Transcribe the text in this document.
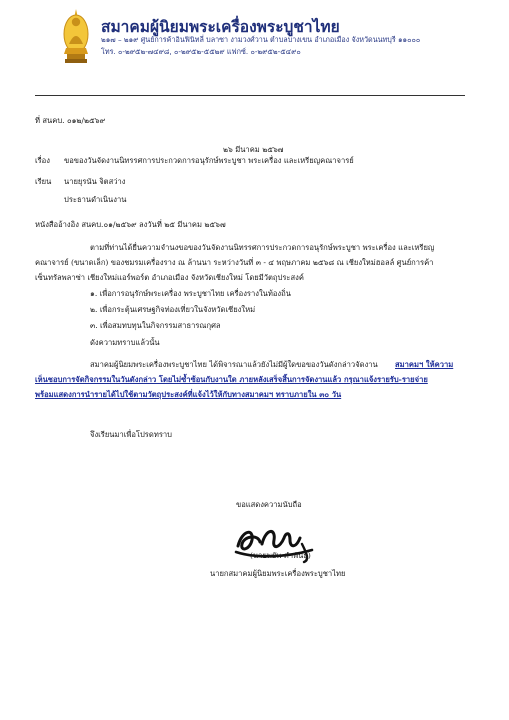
สมาคมผู้นิยมพระเครื่องพระบูชาไทย
๒๑๗ – ๒๑๙ ศูนย์การค้าอินฟินิทลี่ บลาซา งามวงศ์วาน ตำบลบางเขน อำเภอเมือง จังหวัดนนทบุรี ๑๑๐๐๐
โทร. ๐-๒๙๕๒-๗๔๙๘, ๐-๒๙๕๒-๕๕๒๙ แฟกซ์. ๐-๒๙๕๒-๕๔๙๐
ที่ สนคบ. ๐๑๒/๒๕๖๙
๒๖ มีนาคม ๒๕๖๗
เรื่อง ขอของวันจัดงานนิทรรศการประกวดการอนุรักษ์พระบูชา พระเครื่อง และเหรียญคณาจารย์
เรียน นายยุรนัน จิตสว่าง
ประธานดำเนินงาน
หนังสืออ้างอิง สนคบ.๐๑/๒๕๖๙ ลงวันที่ ๒๕ มีนาคม ๒๕๖๗
ตามที่ท่านได้ยื่นความจำนงขอของวันจัดงานนิทรรศการประกวดการอนุรักษ์พระบูชา พระเครื่อง และเหรียญ
คณาจารย์ (ขนาดเล็ก) ของชมรมเครื่องราง ณ ล้านนา ระหว่างวันที่ ๓ - ๔ พฤษภาคม ๒๕๖๘ ณ เชียงใหม่ฮอลล์ ศูนย์การค้า
เซ็นทรัลพลาซ่า เชียงใหม่แอร์พอร์ต อำเภอเมือง จังหวัดเชียงใหม่ โดยมีวัตถุประสงค์
๑. เพื่อการอนุรักษ์พระเครื่อง พระบูชาไทย เครื่องรางในท้องถิ่น
๒. เพื่อกระตุ้นเศรษฐกิจท่องเที่ยวในจังหวัดเชียงใหม่
๓. เพื่อสมทบทุนในกิจกรรมสาธารณกุศล
ดังความทราบแล้วนั้น
สมาคมผู้นิยมพระเครื่องพระบูชาไทย ได้พิจารณาแล้วยังไม่มีผู้ใดขอของวันดังกล่าวจัดงาน สมาคมฯ ให้ความ
เห็นชอบการจัดกิจกรรมในวันดังกล่าว โดยไม่ซ้ำซ้อนกับงานใด ภายหลังเสร็จสิ้นการจัดงานแล้ว กรุณาแจ้งรายรับ-รายจ่าย
พร้อมแสดงการนำรายได้ไปใช้ตามวัตถุประสงค์ที่แจ้งไว้ให้กับทางสมาคมฯ ทราบภายใน ๓๐ วัน
จึงเรียนมาเพื่อโปรดทราบ
ขอแสดงความนับถือ
(นายพยัพ คำพันธุ์)
นายกสมาคมผู้นิยมพระเครื่องพระบูชาไทย
